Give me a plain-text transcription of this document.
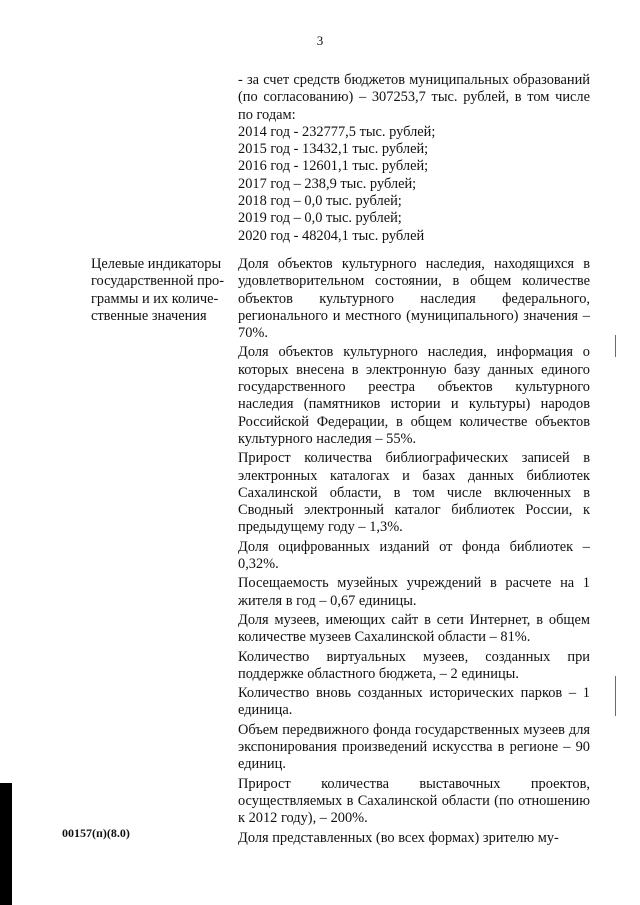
3
- за счет средств бюджетов муниципальных образований (по согласованию) – 307253,7 тыс. рублей, в том числе по годам:
2014 год - 232777,5 тыс. рублей;
2015 год - 13432,1 тыс. рублей;
2016 год - 12601,1 тыс. рублей;
2017 год – 238,9 тыс. рублей;
2018 год – 0,0 тыс. рублей;
2019 год – 0,0 тыс. рублей;
2020 год - 48204,1 тыс. рублей
Целевые индикаторы
государственной про-
граммы и их количе-
ственные значения

Доля объектов культурного наследия, находящихся в удовлетворительном состоянии, в общем количестве объектов культурного наследия федерального, регионального и местного (муниципального) значения – 70%.

Доля объектов культурного наследия, информация о которых внесена в электронную базу данных единого государственного реестра объектов культурного наследия (памятников истории и культуры) народов Российской Федерации, в общем количестве объектов культурного наследия – 55%.

Прирост количества библиографических записей в электронных каталогах и базах данных библиотек Сахалинской области, в том числе включенных в Сводный электронный каталог библиотек России, к предыдущему году – 1,3%.

Доля оцифрованных изданий от фонда библиотек – 0,32%.

Посещаемость музейных учреждений в расчете на 1 жителя в год – 0,67 единицы.

Доля музеев, имеющих сайт в сети Интернет, в общем количестве музеев Сахалинской области – 81%.

Количество виртуальных музеев, созданных при поддержке областного бюджета, – 2 единицы.

Количество вновь созданных исторических парков – 1 единица.

Объем передвижного фонда государственных музеев для экспонирования произведений искусства в регионе – 90 единиц.

Прирост количества выставочных проектов, осуществляемых в Сахалинской области (по отношению к 2012 году), – 200%.

Доля представленных (во всех формах) зрителю му-

00157(п)(8.0)
